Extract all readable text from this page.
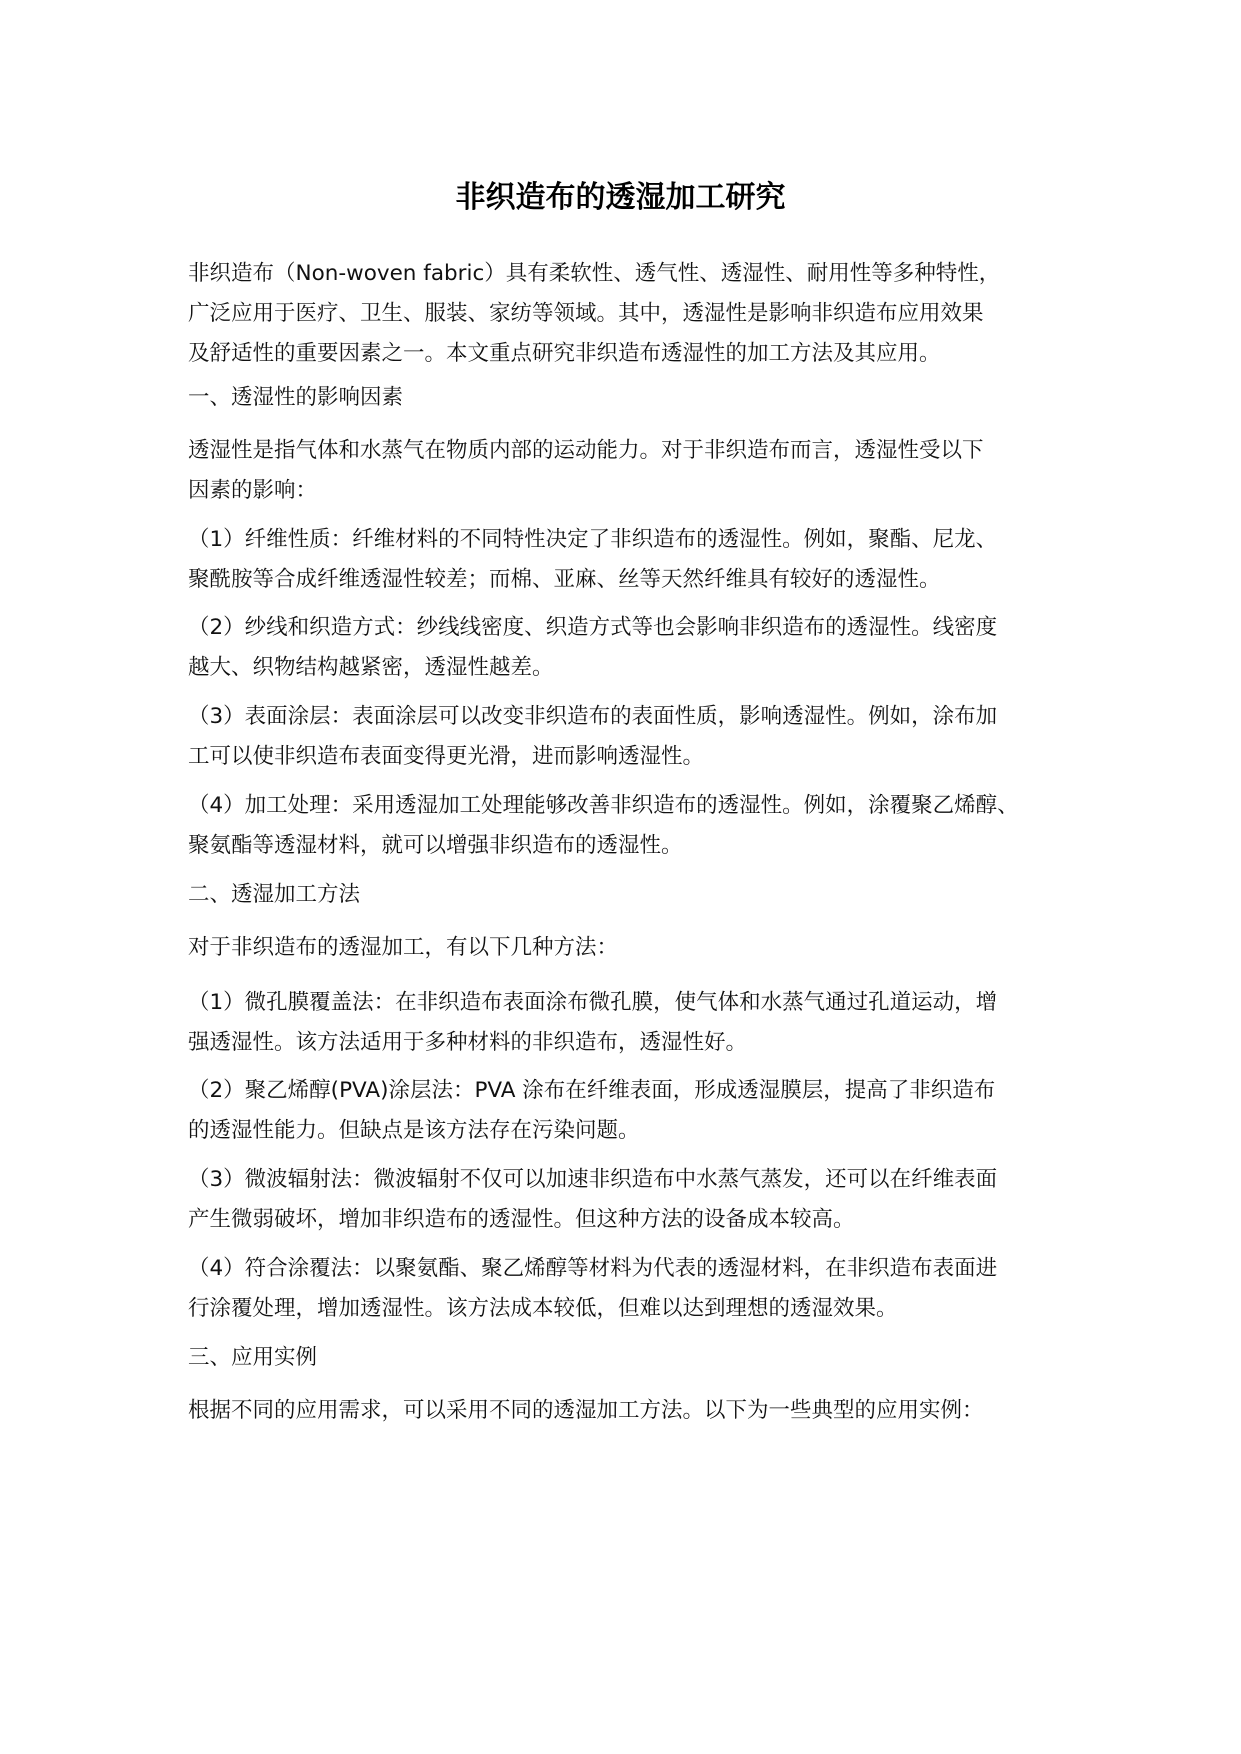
非织造布的透湿加工研究

非织造布（Non-woven fabric）具有柔软性、透气性、透湿性、耐用性等多种特性，
广泛应用于医疗、卫生、服装、家纺等领域。其中，透湿性是影响非织造布应用效果
及舒适性的重要因素之一。本文重点研究非织造布透湿性的加工方法及其应用。

一、透湿性的影响因素

透湿性是指气体和水蒸气在物质内部的运动能力。对于非织造布而言，透湿性受以下
因素的影响：

（1）纤维性质：纤维材料的不同特性决定了非织造布的透湿性。例如，聚酯、尼龙、
聚酰胺等合成纤维透湿性较差；而棉、亚麻、丝等天然纤维具有较好的透湿性。

（2）纱线和织造方式：纱线线密度、织造方式等也会影响非织造布的透湿性。线密度
越大、织物结构越紧密，透湿性越差。

（3）表面涂层：表面涂层可以改变非织造布的表面性质，影响透湿性。例如，涂布加
工可以使非织造布表面变得更光滑，进而影响透湿性。

（4）加工处理：采用透湿加工处理能够改善非织造布的透湿性。例如，涂覆聚乙烯醇、
聚氨酯等透湿材料，就可以增强非织造布的透湿性。

二、透湿加工方法

对于非织造布的透湿加工，有以下几种方法：

（1）微孔膜覆盖法：在非织造布表面涂布微孔膜，使气体和水蒸气通过孔道运动，增
强透湿性。该方法适用于多种材料的非织造布，透湿性好。

（2）聚乙烯醇(PVA)涂层法：PVA 涂布在纤维表面，形成透湿膜层，提高了非织造布
的透湿性能力。但缺点是该方法存在污染问题。

（3）微波辐射法：微波辐射不仅可以加速非织造布中水蒸气蒸发，还可以在纤维表面
产生微弱破坏，增加非织造布的透湿性。但这种方法的设备成本较高。

（4）符合涂覆法：以聚氨酯、聚乙烯醇等材料为代表的透湿材料，在非织造布表面进
行涂覆处理，增加透湿性。该方法成本较低，但难以达到理想的透湿效果。

三、应用实例

根据不同的应用需求，可以采用不同的透湿加工方法。以下为一些典型的应用实例：
